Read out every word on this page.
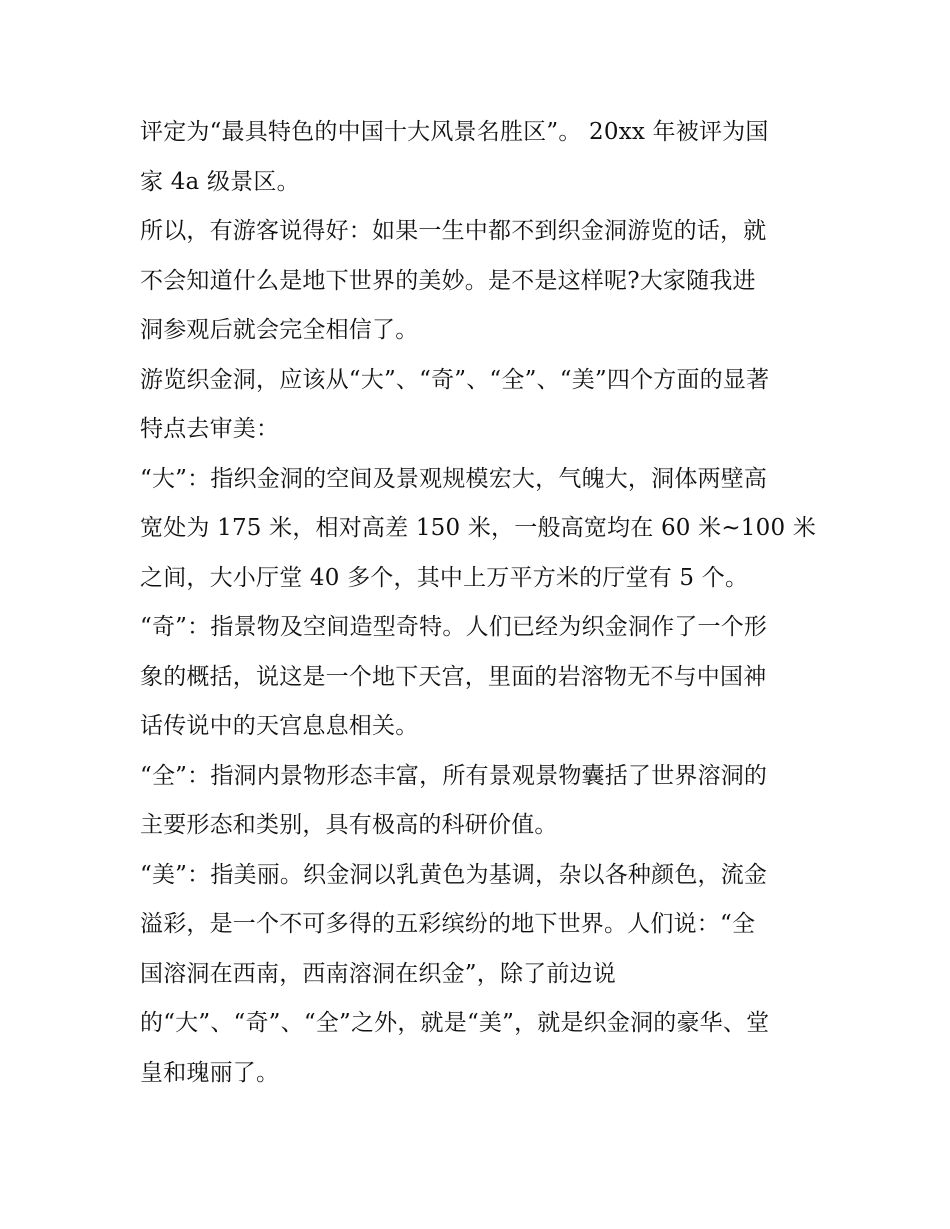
评定为“最具特色的中国十大风景名胜区”。 20xx 年被评为国
家 4a 级景区。
所以，有游客说得好：如果一生中都不到织金洞游览的话，就
不会知道什么是地下世界的美妙。是不是这样呢?大家随我进
洞参观后就会完全相信了。
游览织金洞，应该从“大”、“奇”、“全”、“美”四个方面的显著
特点去审美：
“大”：指织金洞的空间及景观规模宏大，气魄大，洞体两壁高
宽处为 175 米，相对高差 150 米，一般高宽均在 60 米~100 米
之间，大小厅堂 40 多个，其中上万平方米的厅堂有 5 个。
“奇”：指景物及空间造型奇特。人们已经为织金洞作了一个形
象的概括，说这是一个地下天宫，里面的岩溶物无不与中国神
话传说中的天宫息息相关。
“全”：指洞内景物形态丰富，所有景观景物囊括了世界溶洞的
主要形态和类别，具有极高的科研价值。
“美”：指美丽。织金洞以乳黄色为基调，杂以各种颜色，流金
溢彩，是一个不可多得的五彩缤纷的地下世界。人们说：“全
国溶洞在西南，西南溶洞在织金”，除了前边说
的“大”、“奇”、“全”之外，就是“美”，就是织金洞的豪华、堂
皇和瑰丽了。
